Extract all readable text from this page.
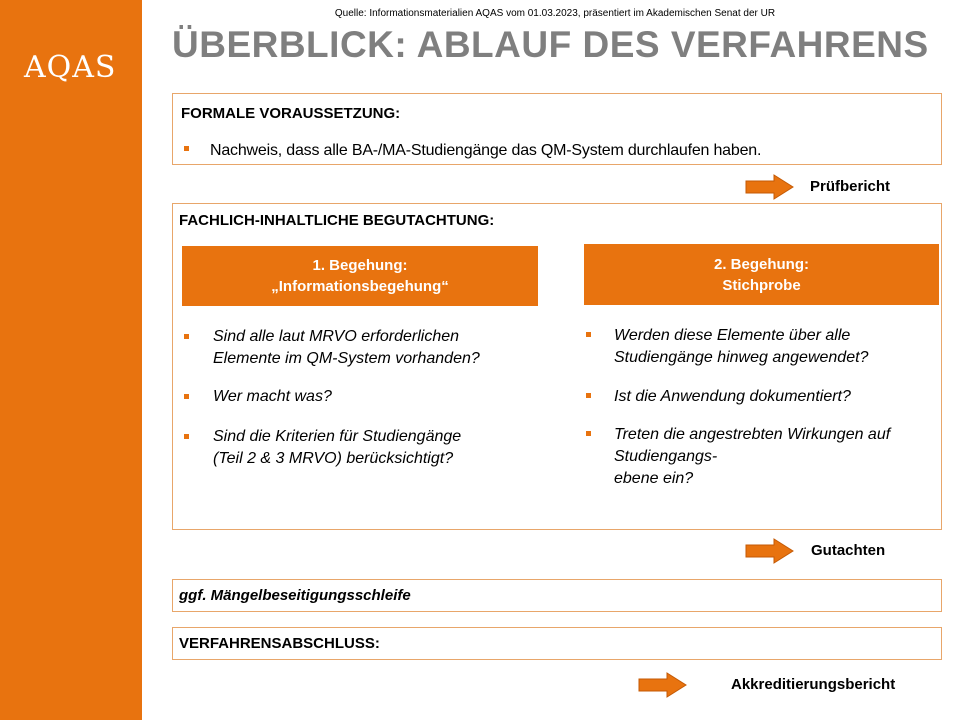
AQAS
Quelle: Informationsmaterialien AQAS vom 01.03.2023, präsentiert im Akademischen Senat der UR
ÜBERBLICK: ABLAUF DES VERFAHRENS
FORMALE VORAUSSETZUNG:
Nachweis, dass alle BA-/MA-Studiengänge das QM-System durchlaufen haben.
Prüfbericht
FACHLICH-INHALTLICHE BEGUTACHTUNG:
1. Begehung:
„Informationsbegehung“
2. Begehung:
Stichprobe
Sind alle laut MRVO erforderlichen
Elemente im QM-System vorhanden?
Wer macht was?
Sind die Kriterien für Studiengänge
(Teil 2 & 3 MRVO) berücksichtigt?
Werden diese Elemente über alle
Studiengänge hinweg angewendet?
Ist die Anwendung dokumentiert?
Treten die angestrebten Wirkungen auf
Studiengangs-
ebene ein?
Gutachten
ggf. Mängelbeseitigungsschleife
VERFAHRENSABSCHLUSS:
Akkreditierungsbericht
